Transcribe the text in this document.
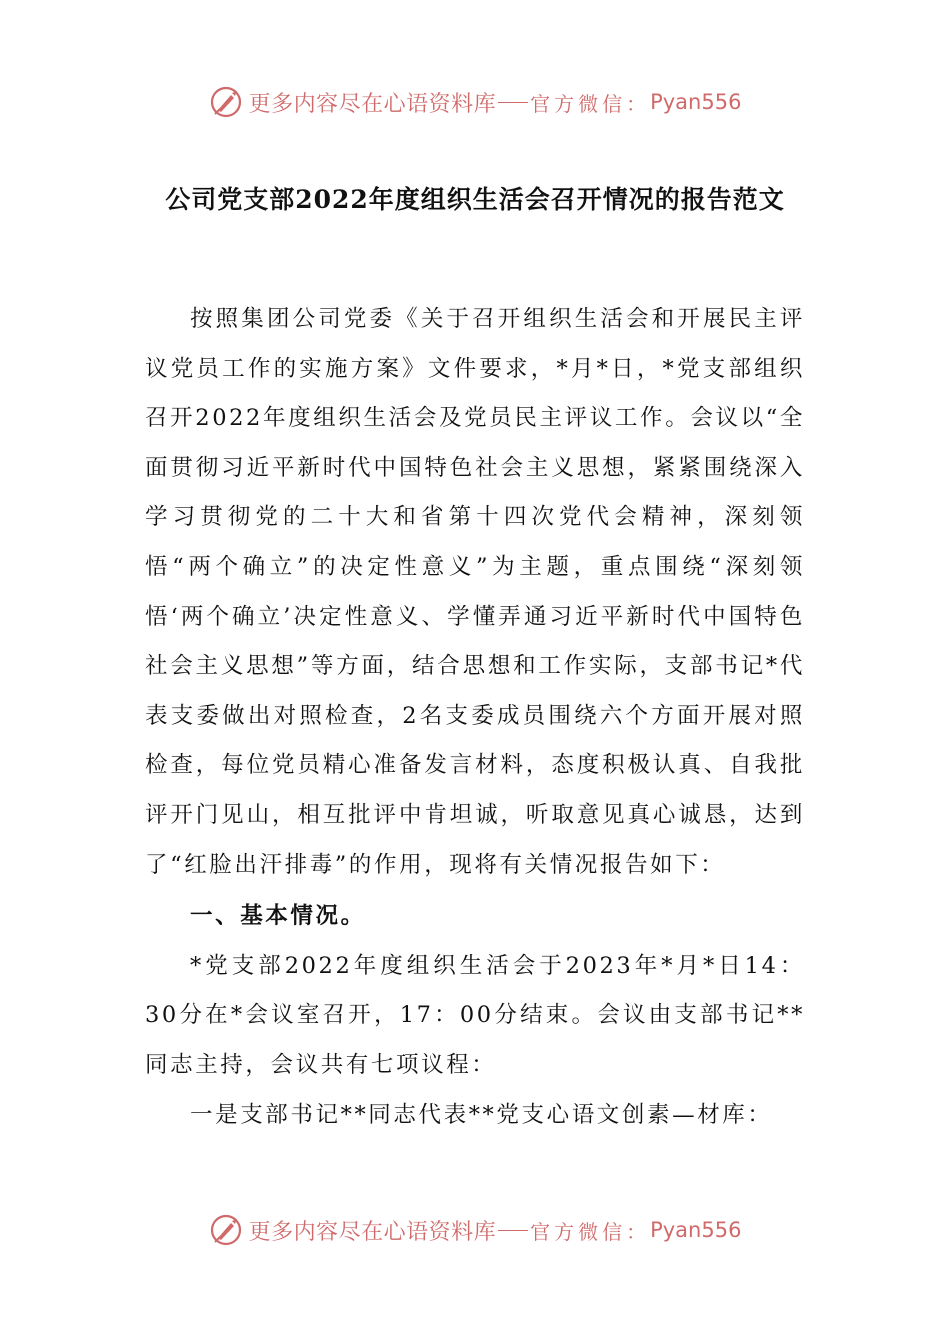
更多内容尽在心语资料库 官方微信： Pyan556
公司党支部2022年度组织生活会召开情况的报告范文

按照集团公司党委《关于召开组织生活会和开展民主评议党员工作的实施方案》文件要求，*月*日，*党支部组织召开2022年度组织生活会及党员民主评议工作。会议以“全面贯彻习近平新时代中国特色社会主义思想，紧紧围绕深入学习贯彻党的二十大和省第十四次党代会精神，深刻领悟“两个确立”的决定性意义”为主题，重点围绕“深刻领悟‘两个确立’决定性意义、学懂弄通习近平新时代中国特色社会主义思想”等方面，结合思想和工作实际，支部书记*代表支委做出对照检查，2名支委成员围绕六个方面开展对照检查，每位党员精心准备发言材料，态度积极认真、自我批评开门见山，相互批评中肯坦诚，听取意见真心诚恳，达到了“红脸出汗排毒”的作用，现将有关情况报告如下：

一、基本情况。

*党支部2022年度组织生活会于2023年*月*日14：30分在*会议室召开，17：00分结束。会议由支部书记**同志主持，会议共有七项议程：

一是支部书记**同志代表**党支心语文创素—材库：

更多内容尽在心语资料库 官方微信： Pyan556
